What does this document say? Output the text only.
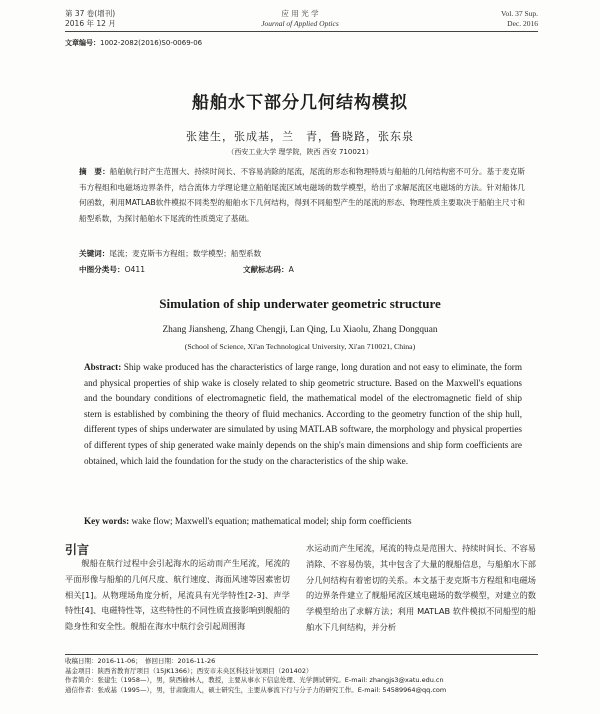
第 37 卷(增刊)
2016 年 12 月
应 用 光 学
Journal of Applied Optics
Vol. 37 Sup.
Dec. 2016
文章编号：1002-2082(2016)S0-0069-06
船舶水下部分几何结构模拟
张建生，张成基，兰　青，鲁晓路，张东泉
（西安工业大学 理学院，陕西 西安 710021）

摘　要：船舶航行时产生范围大、持续时间长、不容易消除的尾流，尾流的形态和物理特质与船舶的几何结构密不可分。基于麦克斯韦方程组和电磁场边界条件，结合流体力学理论建立船舶尾流区域电磁场的数学模型，给出了求解尾流区电磁场的方法。针对船体几何函数，利用MATLAB软件模拟不同类型的船舶水下几何结构，得到不同船型产生的尾流的形态、物理性质主要取决于船舶主尺寸和船型系数，为探讨船舶水下尾流的性质奠定了基础。

关键词：尾流；麦克斯韦方程组；数学模型；船型系数
中图分类号：O411	文献标志码：A
Simulation of ship underwater geometric structure
Zhang Jiansheng, Zhang Chengji, Lan Qing, Lu Xiaolu, Zhang Dongquan
(School of Science, Xi'an Technological University, Xi'an 710021, China)

Abstract: Ship wake produced has the characteristics of large range, long duration and not easy to eliminate, the form and physical properties of ship wake is closely related to ship geometric structure. Based on the Maxwell's equations and the boundary conditions of electromagnetic field, the mathematical model of the electromagnetic field of ship stern is established by combining the theory of fluid mechanics. According to the geometry function of the ship hull, different types of ships underwater are simulated by using MATLAB software, the morphology and physical properties of different types of ship generated wake mainly depends on the ship's main dimensions and ship form coefficients are obtained, which laid the foundation for the study on the characteristics of the ship wake.

Key words: wake flow; Maxwell's equation; mathematical model; ship form coefficients
引言

舰船在航行过程中会引起海水的运动而产生尾流，尾流的平面形像与船舶的几何尺度、航行速度、海面风速等因素密切相关[1]。从物理场角度分析，尾流具有光学特性[2-3]、声学特性[4]、电磁特性等，这些特性的不同性质直接影响到舰船的隐身性和安全性。舰船在海水中航行会引起周围海

水运动而产生尾流，尾流的特点是范围大、持续时间长、不容易消除、不容易伪装，其中包含了大量的舰船信息，与船舶水下部分几何结构有着密切的关系。本文基于麦克斯韦方程组和电磁场的边界条件建立了舰船尾流区域电磁场的数学模型，对建立的数学模型给出了求解方法；利用 MATLAB 软件模拟不同船型的船舶水下几何结构，并分析

收稿日期：2016-11-06；　修回日期：2016-11-26
基金项目：陕西省教育厅项目（15JK1366）；西安市未央区科技计划项目（201402）
作者简介：张建生（1958—），男，陕西榆林人，教授，主要从事水下信息处理、光学测试研究。E-mail: zhangjs3@xatu.edu.cn
通信作者：张成基（1995—），男，甘肃陇南人，硕士研究生，主要从事流下行与分子力的研究工作。E-mail: 54589964@qq.com
